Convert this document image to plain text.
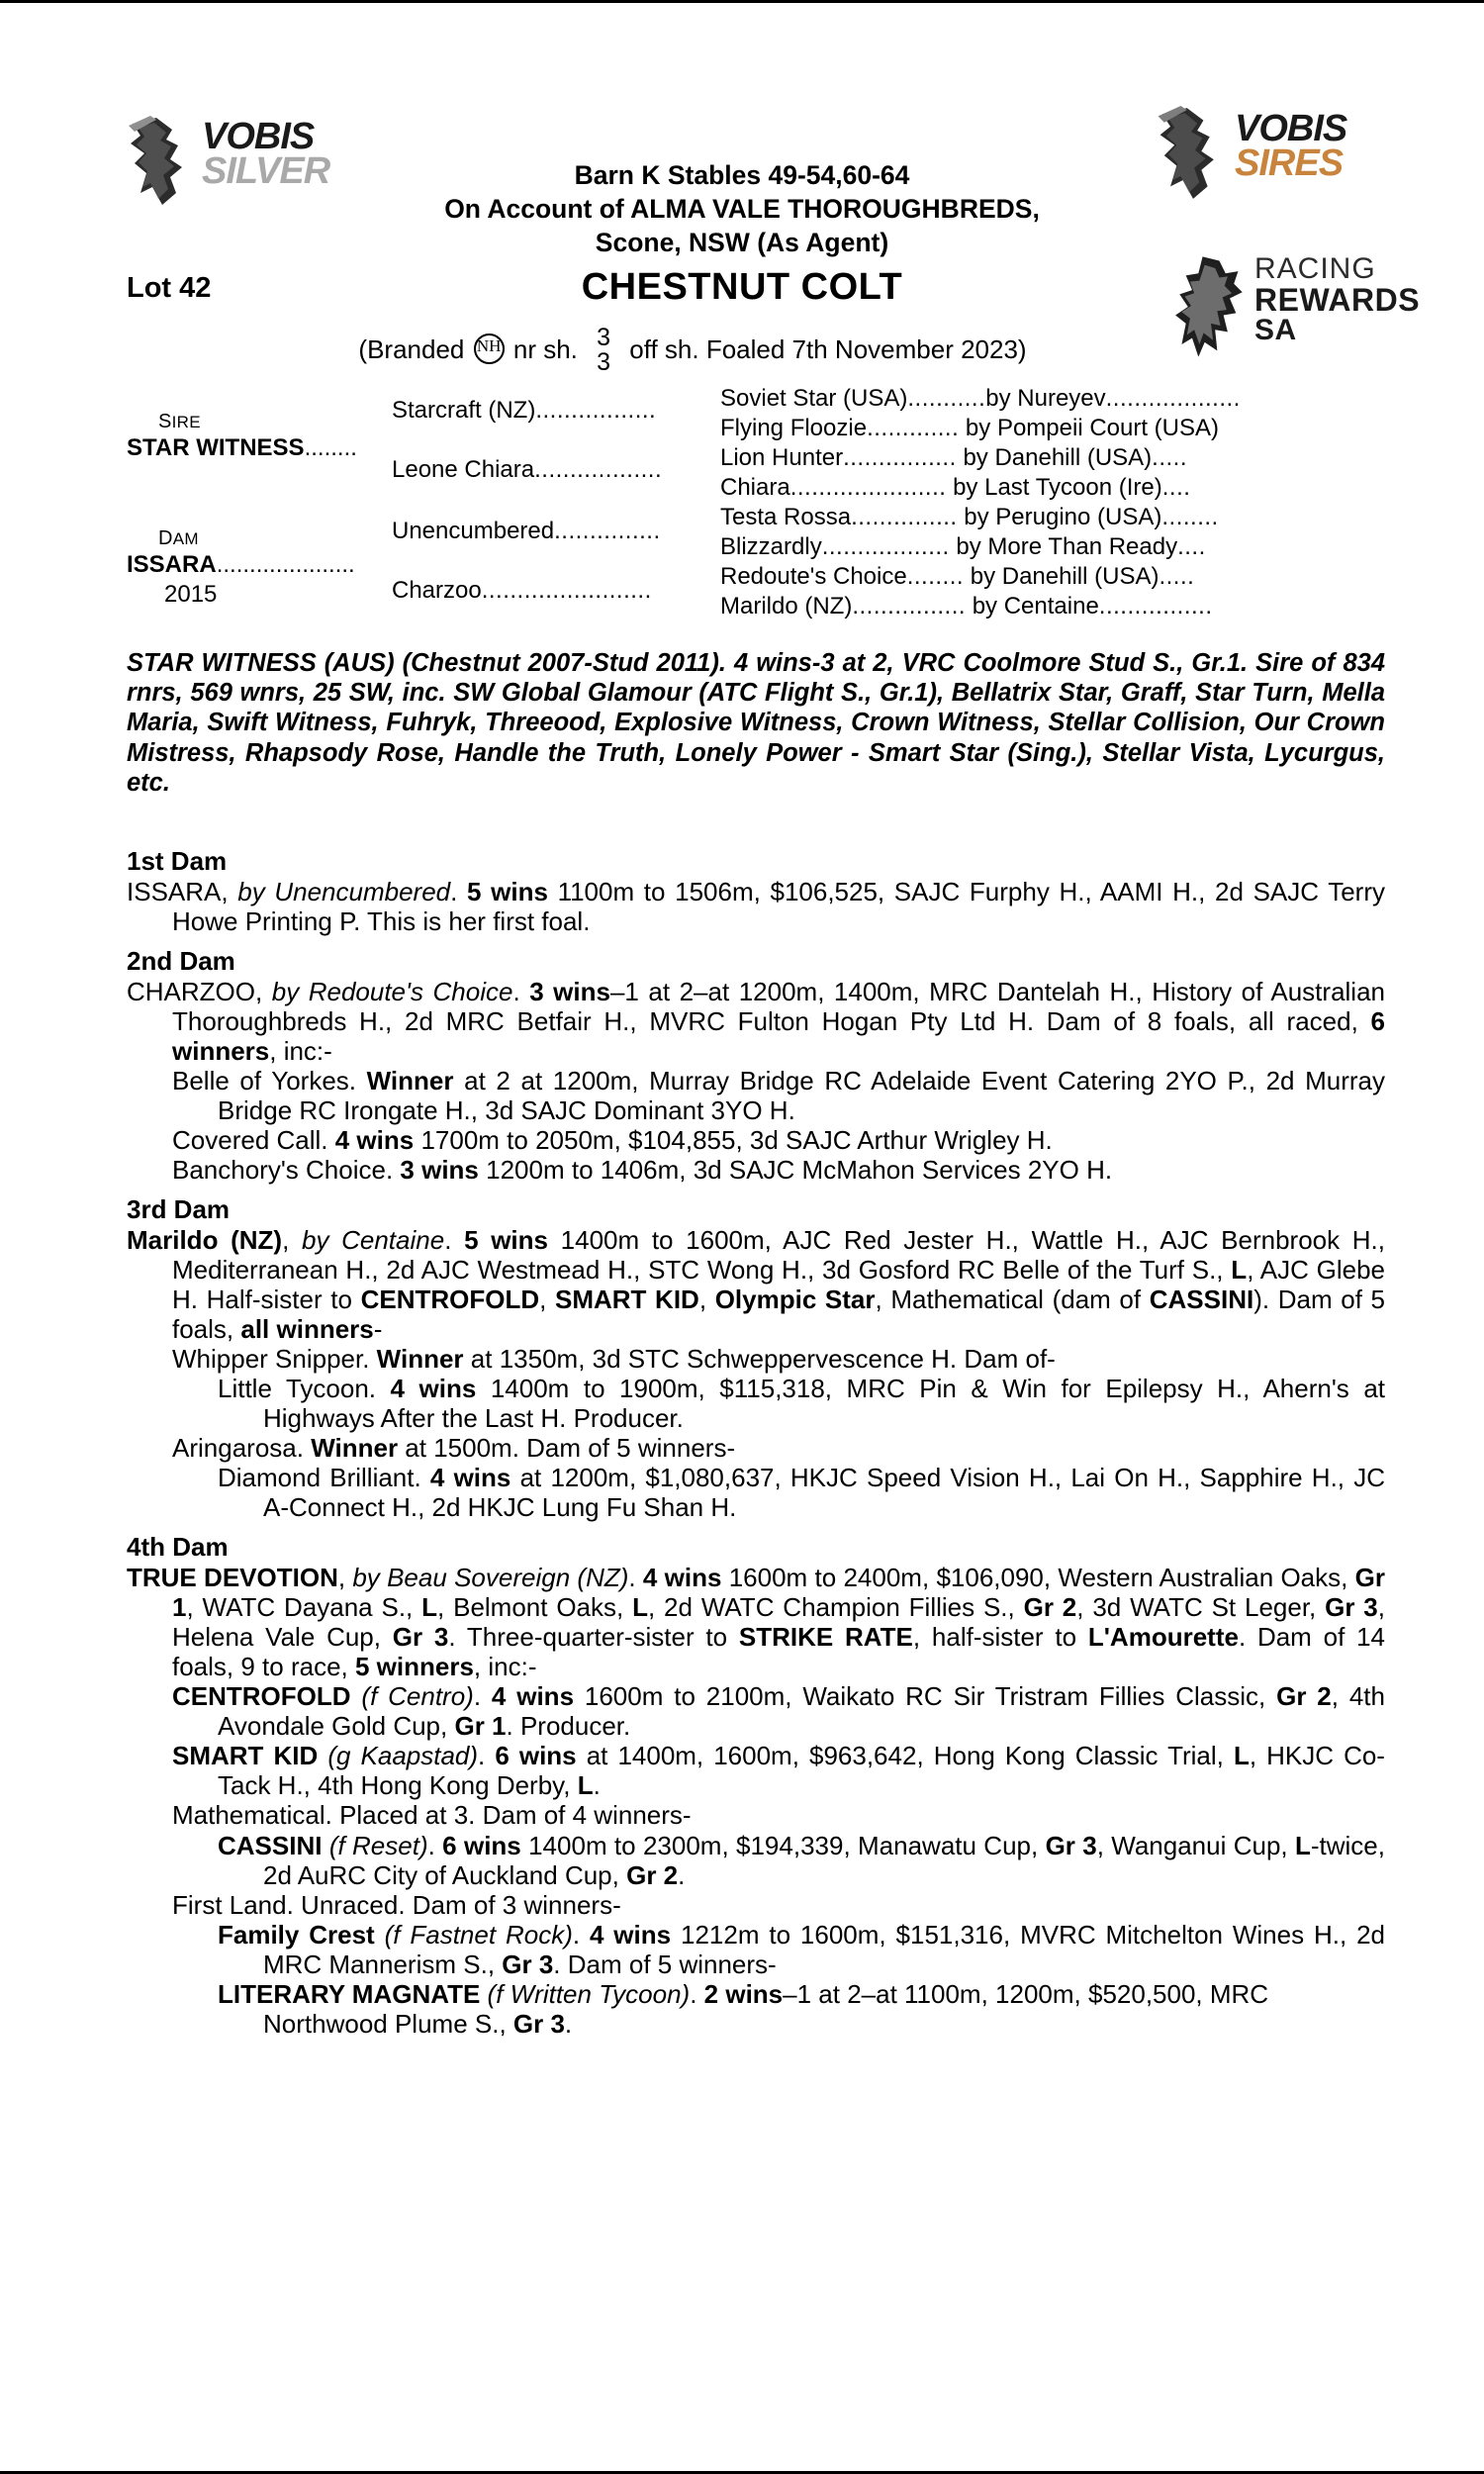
VOBIS
SILVER
VOBIS
SIRES
RACING
REWARDS
SA
Barn K Stables 49-54,60-64
On Account of ALMA VALE THOROUGHBREDS,
Scone, NSW (As Agent)
Lot 42	CHESTNUT COLT
(Branded NH nr sh. 3
3 off sh. Foaled 7th November 2023)
SIRE
STAR WITNESS........
DAM
ISSARA.....................
2015
Starcraft (NZ).................
Leone Chiara..................
Unencumbered...............
Charzoo........................
Soviet Star (USA)...........by Nureyev...................
Flying Floozie............. by Pompeii Court (USA)
Lion Hunter................ by Danehill (USA).....
Chiara...................... by Last Tycoon (Ire)....
Testa Rossa............... by Perugino (USA)........
Blizzardly.................. by More Than Ready....
Redoute's Choice........ by Danehill (USA).....
Marildo (NZ)................ by Centaine................
STAR WITNESS (AUS) (Chestnut 2007-Stud 2011). 4 wins-3 at 2, VRC Coolmore Stud S., Gr.1. Sire of 834 rnrs, 569 wnrs, 25 SW, inc. SW Global Glamour (ATC Flight S., Gr.1), Bellatrix Star, Graff, Star Turn, Mella Maria, Swift Witness, Fuhryk, Threeood, Explosive Witness, Crown Witness, Stellar Collision, Our Crown Mistress, Rhapsody Rose, Handle the Truth, Lonely Power - Smart Star (Sing.), Stellar Vista, Lycurgus, etc.
1st Dam

ISSARA, by Unencumbered. 5 wins 1100m to 1506m, $106,525, SAJC Furphy H., AAMI H., 2d SAJC Terry Howe Printing P. This is her first foal.

2nd Dam

CHARZOO, by Redoute's Choice. 3 wins–1 at 2–at 1200m, 1400m, MRC Dantelah H., History of Australian Thoroughbreds H., 2d MRC Betfair H., MVRC Fulton Hogan Pty Ltd H. Dam of 8 foals, all raced, 6 winners, inc:-

Belle of Yorkes. Winner at 2 at 1200m, Murray Bridge RC Adelaide Event Catering 2YO P., 2d Murray Bridge RC Irongate H., 3d SAJC Dominant 3YO H.

Covered Call. 4 wins 1700m to 2050m, $104,855, 3d SAJC Arthur Wrigley H.

Banchory's Choice. 3 wins 1200m to 1406m, 3d SAJC McMahon Services 2YO H.

3rd Dam

Marildo (NZ), by Centaine. 5 wins 1400m to 1600m, AJC Red Jester H., Wattle H., AJC Bernbrook H., Mediterranean H., 2d AJC Westmead H., STC Wong H., 3d Gosford RC Belle of the Turf S., L, AJC Glebe H. Half-sister to CENTROFOLD, SMART KID, Olympic Star, Mathematical (dam of CASSINI). Dam of 5 foals, all winners-

Whipper Snipper. Winner at 1350m, 3d STC Schweppervescence H. Dam of-

Little Tycoon. 4 wins 1400m to 1900m, $115,318, MRC Pin & Win for Epilepsy H., Ahern's at Highways After the Last H. Producer.

Aringarosa. Winner at 1500m. Dam of 5 winners-

Diamond Brilliant. 4 wins at 1200m, $1,080,637, HKJC Speed Vision H., Lai On H., Sapphire H., JC A-Connect H., 2d HKJC Lung Fu Shan H.

4th Dam

TRUE DEVOTION, by Beau Sovereign (NZ). 4 wins 1600m to 2400m, $106,090, Western Australian Oaks, Gr 1, WATC Dayana S., L, Belmont Oaks, L, 2d WATC Champion Fillies S., Gr 2, 3d WATC St Leger, Gr 3, Helena Vale Cup, Gr 3. Three-quarter-sister to STRIKE RATE, half-sister to L'Amourette. Dam of 14 foals, 9 to race, 5 winners, inc:-

CENTROFOLD (f Centro). 4 wins 1600m to 2100m, Waikato RC Sir Tristram Fillies Classic, Gr 2, 4th Avondale Gold Cup, Gr 1. Producer.

SMART KID (g Kaapstad). 6 wins at 1400m, 1600m, $963,642, Hong Kong Classic Trial, L, HKJC Co-Tack H., 4th Hong Kong Derby, L.

Mathematical. Placed at 3. Dam of 4 winners-

CASSINI (f Reset). 6 wins 1400m to 2300m, $194,339, Manawatu Cup, Gr 3, Wanganui Cup, L-twice, 2d AuRC City of Auckland Cup, Gr 2.

First Land. Unraced. Dam of 3 winners-

Family Crest (f Fastnet Rock). 4 wins 1212m to 1600m, $151,316, MVRC Mitchelton Wines H., 2d MRC Mannerism S., Gr 3. Dam of 5 winners-

LITERARY MAGNATE (f Written Tycoon). 2 wins–1 at 2–at 1100m, 1200m, $520,500, MRC Northwood Plume S., Gr 3.
